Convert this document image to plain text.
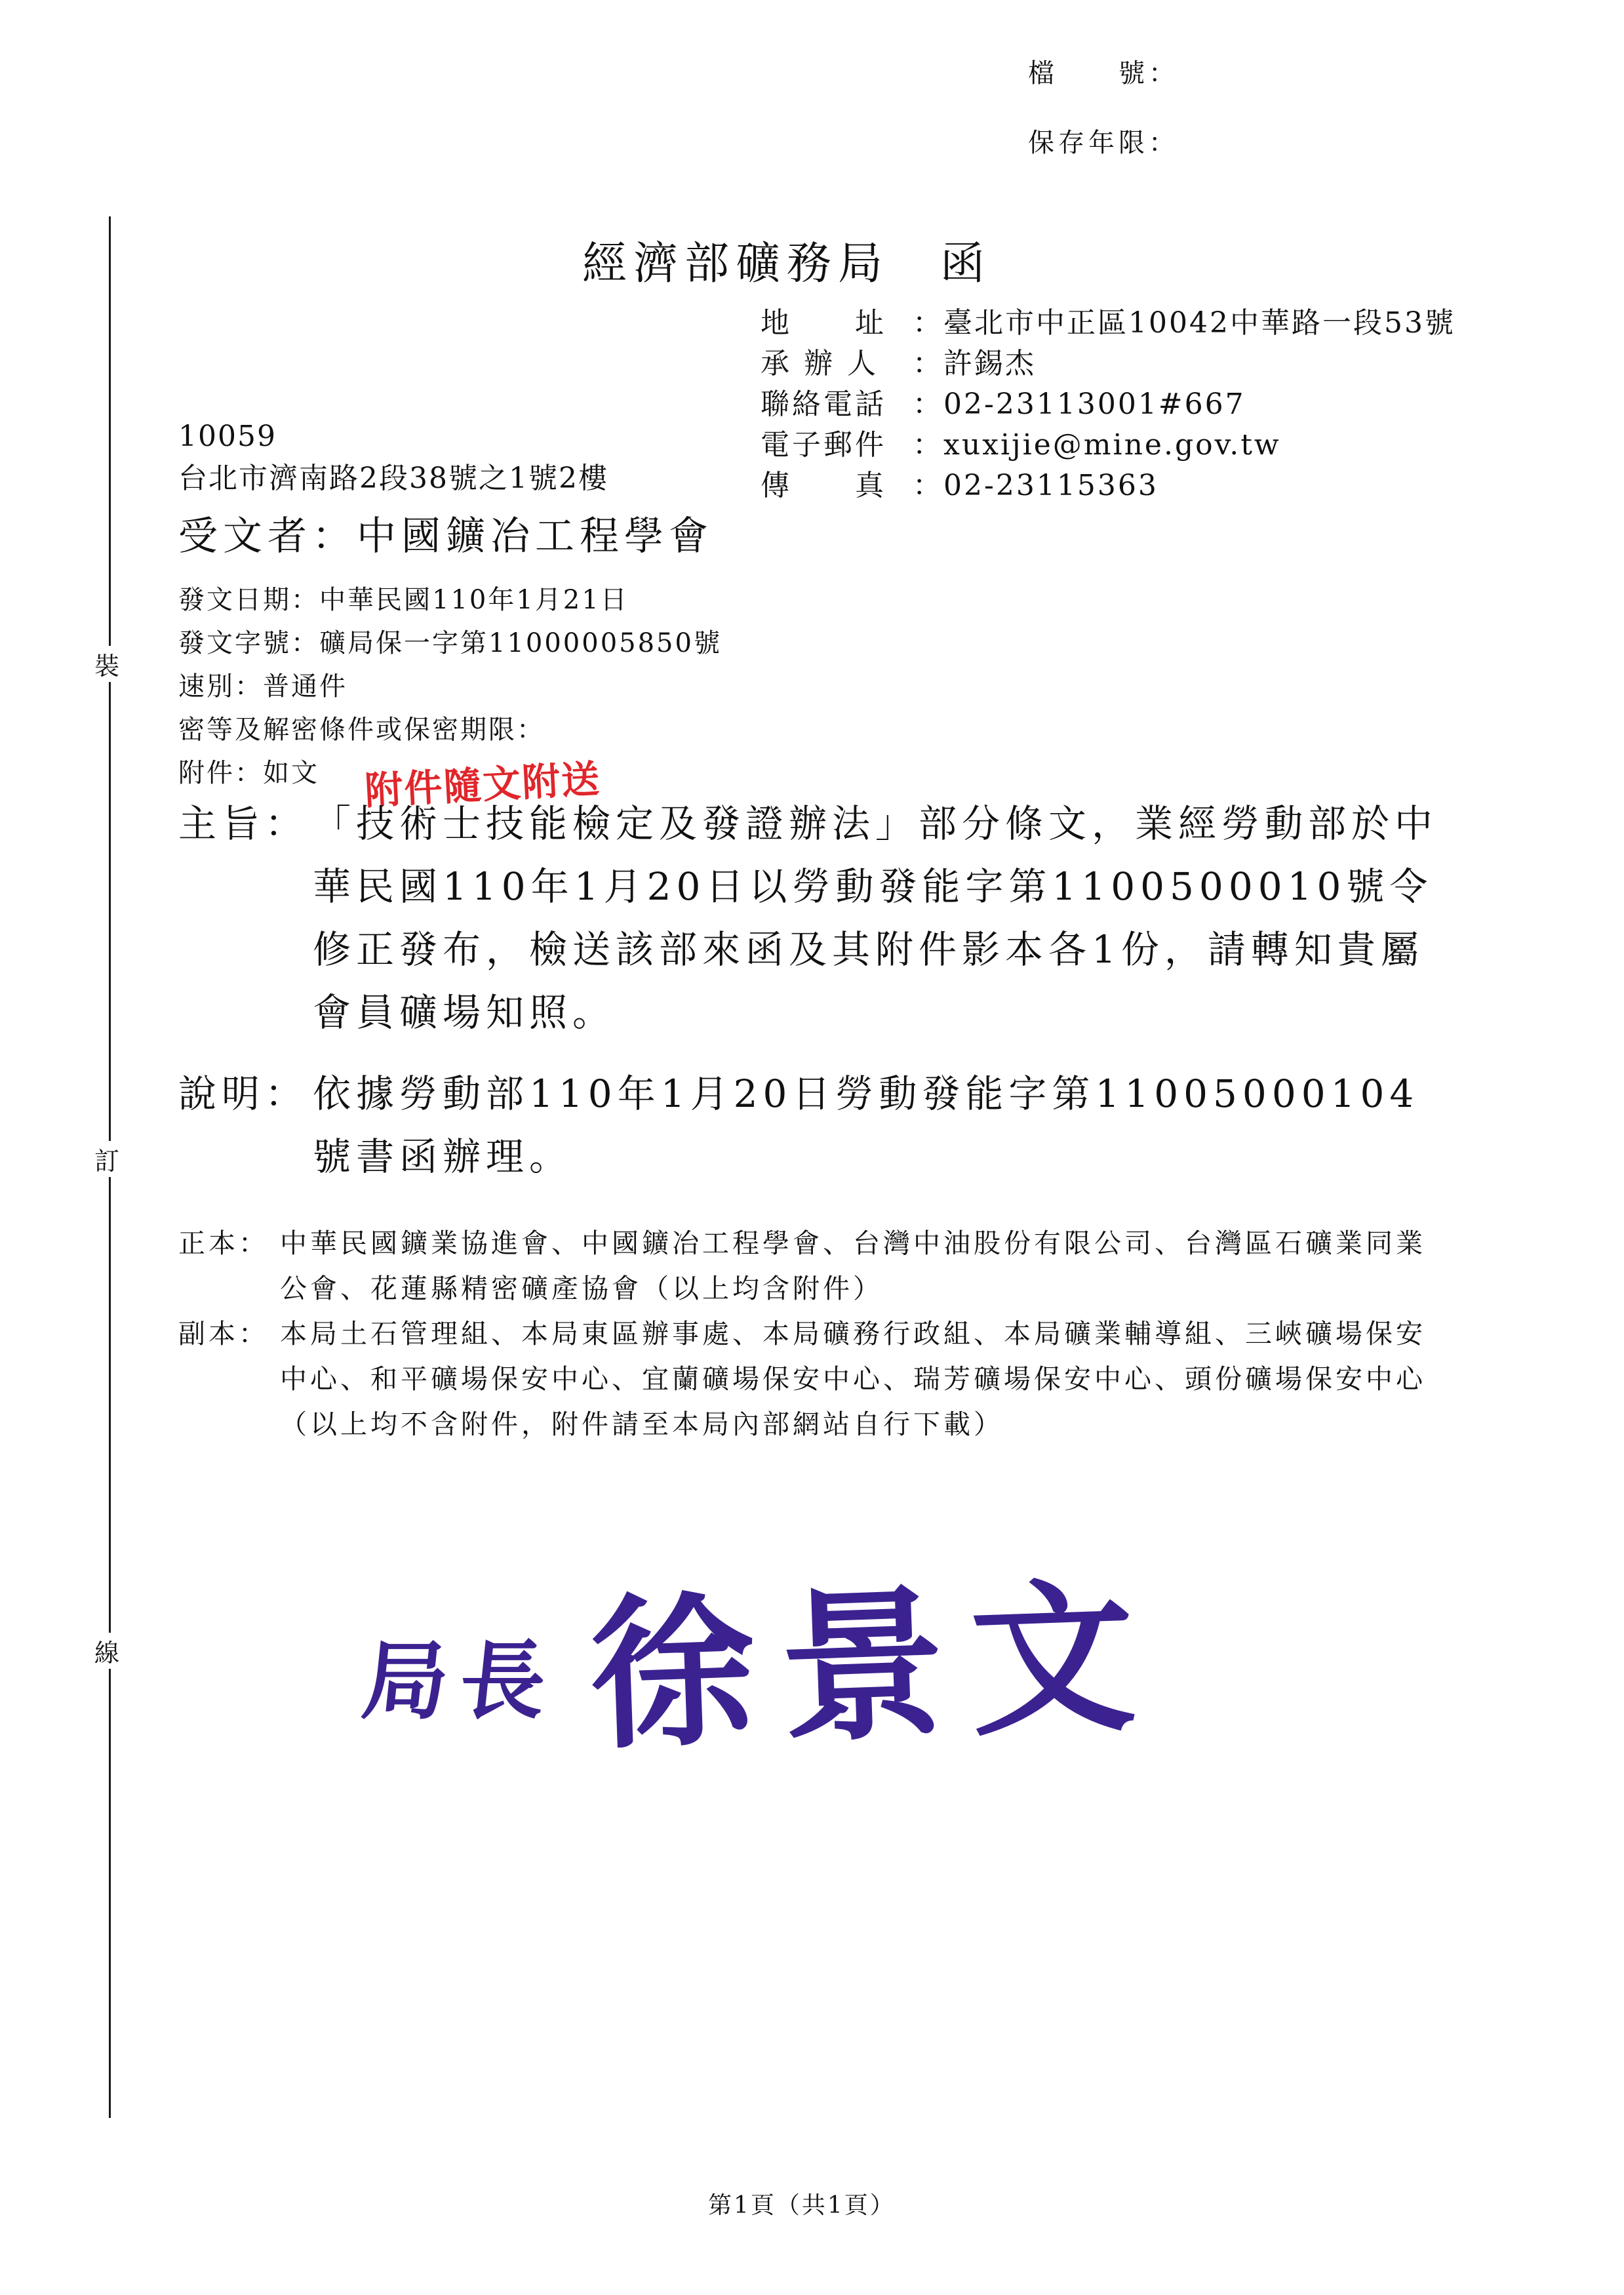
裝
訂
線
檔　　號：
保存年限：
經濟部礦務局　函
地　　址 ：臺北市中正區10042中華路一段53號
承 辦 人	：許錫杰
聯絡電話 ：02-23113001#667
電子郵件 ：xuxijie@mine.gov.tw
傳　　真 ：02-23115363
10059
台北市濟南路2段38號之1號2樓
受文者：中國鑛冶工程學會
發文日期：中華民國110年1月21日
發文字號：礦局保一字第11000005850號
速別：普通件
密等及解密條件或保密期限：
附件：如文	附件隨文附送
主旨： 「技術士技能檢定及發證辦法」部分條文，業經勞動部於中華民國110年1月20日以勞動發能字第1100500010號令修正發布，檢送該部來函及其附件影本各1份，請轉知貴屬會員礦場知照。
說明： 依據勞動部110年1月20日勞動發能字第11005000104號書函辦理。
正本： 中華民國鑛業協進會、中國鑛冶工程學會、台灣中油股份有限公司、台灣區石礦業同業公會、花蓮縣精密礦產協會（以上均含附件）
副本： 本局土石管理組、本局東區辦事處、本局礦務行政組、本局礦業輔導組、三峽礦場保安中心、和平礦場保安中心、宜蘭礦場保安中心、瑞芳礦場保安中心、頭份礦場保安中心 （以上均不含附件，附件請至本局內部網站自行下載）
局長 徐景文
第1頁（共1頁）
